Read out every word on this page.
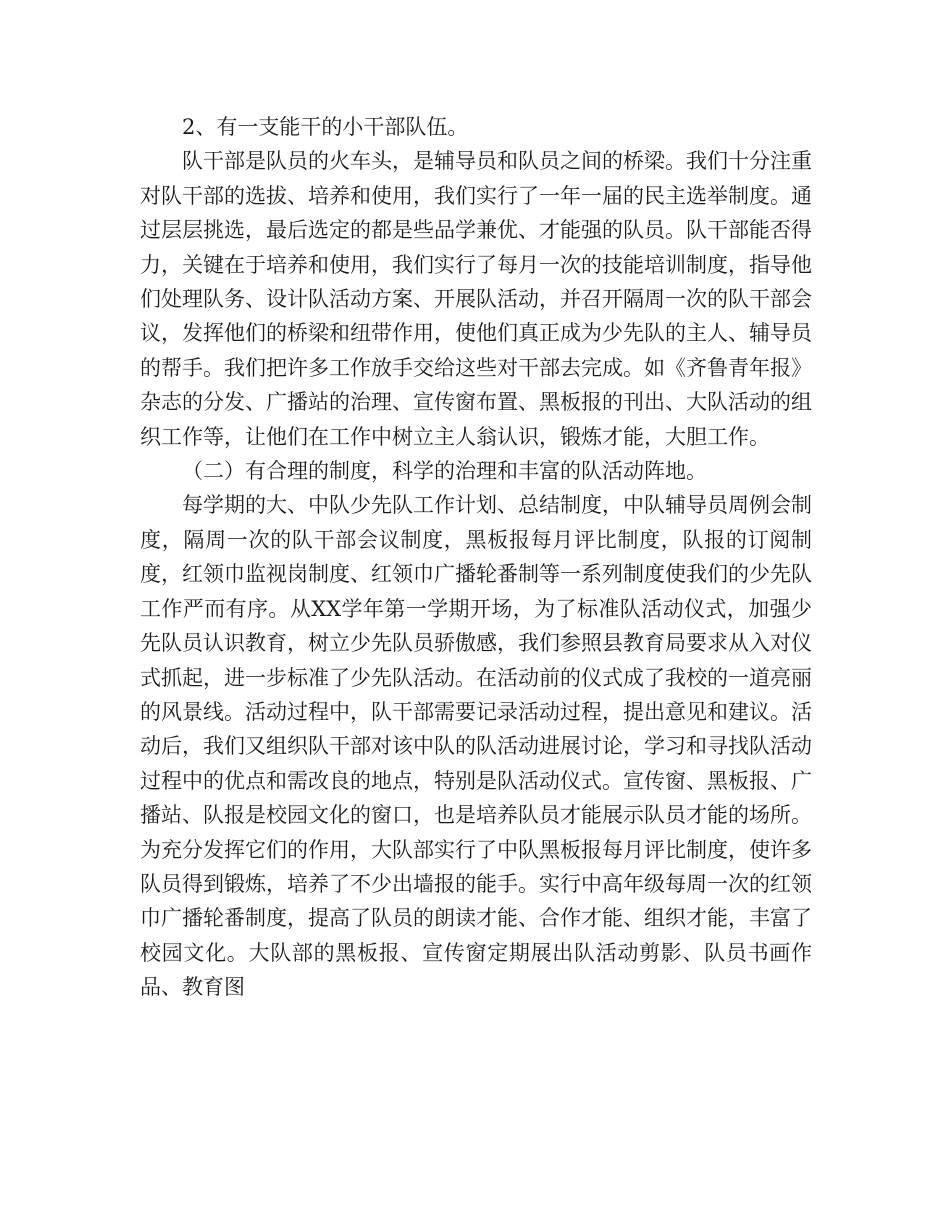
2、有一支能干的小干部队伍。

队干部是队员的火车头，是辅导员和队员之间的桥梁。我们十分注重对队干部的选拔、培养和使用，我们实行了一年一届的民主选举制度。通过层层挑选，最后选定的都是些品学兼优、才能强的队员。队干部能否得力，关键在于培养和使用，我们实行了每月一次的技能培训制度，指导他们处理队务、设计队活动方案、开展队活动，并召开隔周一次的队干部会议，发挥他们的桥梁和纽带作用，使他们真正成为少先队的主人、辅导员的帮手。我们把许多工作放手交给这些对干部去完成。如《齐鲁青年报》杂志的分发、广播站的治理、宣传窗布置、黑板报的刊出、大队活动的组织工作等，让他们在工作中树立主人翁认识，锻炼才能，大胆工作。

（二）有合理的制度，科学的治理和丰富的队活动阵地。

每学期的大、中队少先队工作计划、总结制度，中队辅导员周例会制度，隔周一次的队干部会议制度，黑板报每月评比制度，队报的订阅制度，红领巾监视岗制度、红领巾广播轮番制等一系列制度使我们的少先队工作严而有序。从XX学年第一学期开场，为了标准队活动仪式，加强少先队员认识教育，树立少先队员骄傲感，我们参照县教育局要求从入对仪式抓起，进一步标准了少先队活动。在活动前的仪式成了我校的一道亮丽的风景线。活动过程中，队干部需要记录活动过程，提出意见和建议。活动后，我们又组织队干部对该中队的队活动进展讨论，学习和寻找队活动过程中的优点和需改良的地点，特别是队活动仪式。宣传窗、黑板报、广播站、队报是校园文化的窗口，也是培养队员才能展示队员才能的场所。为充分发挥它们的作用，大队部实行了中队黑板报每月评比制度，使许多队员得到锻炼，培养了不少出墙报的能手。实行中高年级每周一次的红领巾广播轮番制度，提高了队员的朗读才能、合作才能、组织才能，丰富了校园文化。大队部的黑板报、宣传窗定期展出队活动剪影、队员书画作品、教育图
